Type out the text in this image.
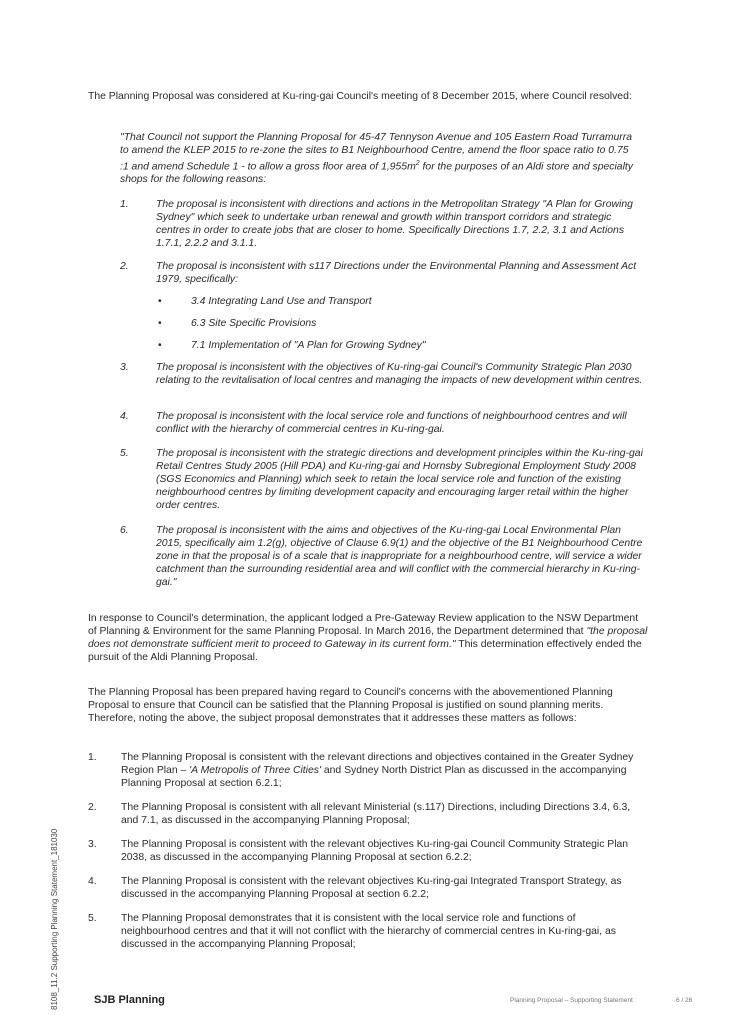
The Planning Proposal was considered at Ku-ring-gai Council's meeting of 8 December 2015, where Council resolved:

"That Council not support the Planning Proposal for 45-47 Tennyson Avenue and 105 Eastern Road Turramurra to amend the KLEP 2015 to re-zone the sites to B1 Neighbourhood Centre, amend the floor space ratio to 0.75 :1 and amend Schedule 1 - to allow a gross floor area of $1,955m^2$ for the purposes of an Aldi store and specialty shops for the following reasons:

1.	The proposal is inconsistent with directions and actions in the Metropolitan Strategy "A Plan for Growing Sydney" which seek to undertake urban renewal and growth within transport corridors and strategic centres in order to create jobs that are closer to home. Specifically Directions 1.7, 2.2, 3.1 and Actions 1.7.1, 2.2.2 and 3.1.1.
2.	The proposal is inconsistent with s117 Directions under the Environmental Planning and Assessment Act 1979, specifically:
•	3.4 Integrating Land Use and Transport
•	6.3 Site Specific Provisions
•	7.1 Implementation of "A Plan for Growing Sydney"
3.	The proposal is inconsistent with the objectives of Ku-ring-gai Council's Community Strategic Plan 2030 relating to the revitalisation of local centres and managing the impacts of new development within centres.
4.	The proposal is inconsistent with the local service role and functions of neighbourhood centres and will conflict with the hierarchy of commercial centres in Ku-ring-gai.
5.	The proposal is inconsistent with the strategic directions and development principles within the Ku-ring-gai Retail Centres Study 2005 (Hill PDA) and Ku-ring-gai and Hornsby Subregional Employment Study 2008 (SGS Economics and Planning) which seek to retain the local service role and function of the existing neighbourhood centres by limiting development capacity and encouraging larger retail within the higher order centres.
6.	The proposal is inconsistent with the aims and objectives of the Ku-ring-gai Local Environmental Plan 2015, specifically aim 1.2(g), objective of Clause 6.9(1) and the objective of the B1 Neighbourhood Centre zone in that the proposal is of a scale that is inappropriate for a neighbourhood centre, will service a wider catchment than the surrounding residential area and will conflict with the commercial hierarchy in Ku-ring-gai."

In response to Council's determination, the applicant lodged a Pre-Gateway Review application to the NSW Department of Planning & Environment for the same Planning Proposal. In March 2016, the Department determined that "the proposal does not demonstrate sufficient merit to proceed to Gateway in its current form." This determination effectively ended the pursuit of the Aldi Planning Proposal.

The Planning Proposal has been prepared having regard to Council's concerns with the abovementioned Planning Proposal to ensure that Council can be satisfied that the Planning Proposal is justified on sound planning merits. Therefore, noting the above, the subject proposal demonstrates that it addresses these matters as follows:

1.	The Planning Proposal is consistent with the relevant directions and objectives contained in the Greater Sydney Region Plan – 'A Metropolis of Three Cities' and Sydney North District Plan as discussed in the accompanying Planning Proposal at section 6.2.1;
2.	The Planning Proposal is consistent with all relevant Ministerial (s.117) Directions, including Directions 3.4, 6.3, and 7.1, as discussed in the accompanying Planning Proposal;
3.	The Planning Proposal is consistent with the relevant objectives Ku-ring-gai Council Community Strategic Plan 2038, as discussed in the accompanying Planning Proposal at section 6.2.2;
4.	The Planning Proposal is consistent with the relevant objectives Ku-ring-gai Integrated Transport Strategy, as discussed in the accompanying Planning Proposal at section 6.2.2;
5.	The Planning Proposal demonstrates that it is consistent with the local service role and functions of neighbourhood centres and that it will not conflict with the hierarchy of commercial centres in Ku-ring-gai, as discussed in the accompanying Planning Proposal;
8108_11.2 Supporting Planning Statement_181030	SJB Planning	Planning Proposal – Supporting Statement	6 / 26
